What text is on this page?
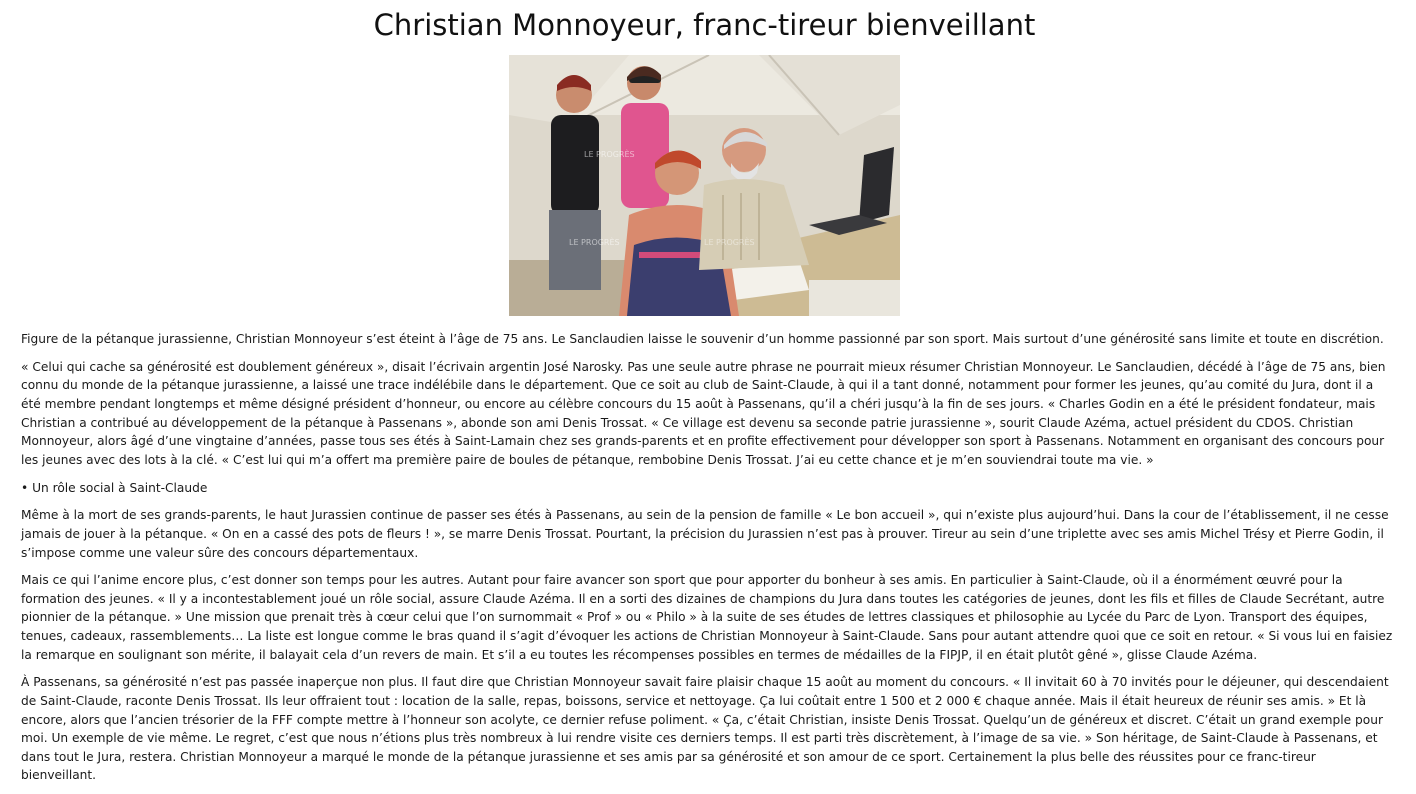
Christian Monnoyeur, franc-tireur bienveillant
LE PROGRÈS
LE PROGRÈS	LE PROGRÈS

Figure de la pétanque jurassienne, Christian Monnoyeur s’est éteint à l’âge de 75 ans. Le Sanclaudien laisse le souvenir d’un homme passionné par son sport. Mais surtout d’une générosité sans limite et toute en discrétion.

« Celui qui cache sa générosité est doublement généreux », disait l’écrivain argentin José Narosky. Pas une seule autre phrase ne pourrait mieux résumer Christian Monnoyeur. Le Sanclaudien, décédé à l’âge de 75 ans, bien connu du monde de la pétanque jurassienne, a laissé une trace indélébile dans le département. Que ce soit au club de Saint-Claude, à qui il a tant donné, notamment pour former les jeunes, qu’au comité du Jura, dont il a été membre pendant longtemps et même désigné président d’honneur, ou encore au célèbre concours du 15 août à Passenans, qu’il a chéri jusqu’à la fin de ses jours. « Charles Godin en a été le président fondateur, mais Christian a contribué au développement de la pétanque à Passenans », abonde son ami Denis Trossat. « Ce village est devenu sa seconde patrie jurassienne », sourit Claude Azéma, actuel président du CDOS. Christian Monnoyeur, alors âgé d’une vingtaine d’années, passe tous ses étés à Saint-Lamain chez ses grands-parents et en profite effectivement pour développer son sport à Passenans. Notamment en organisant des concours pour les jeunes avec des lots à la clé. « C’est lui qui m’a offert ma première paire de boules de pétanque, rembobine Denis Trossat. J’ai eu cette chance et je m’en souviendrai toute ma vie. »

• Un rôle social à Saint-Claude

Même à la mort de ses grands-parents, le haut Jurassien continue de passer ses étés à Passenans, au sein de la pension de famille « Le bon accueil », qui n’existe plus aujourd’hui. Dans la cour de l’établissement, il ne cesse jamais de jouer à la pétanque. « On en a cassé des pots de fleurs ! », se marre Denis Trossat. Pourtant, la précision du Jurassien n’est pas à prouver. Tireur au sein d’une triplette avec ses amis Michel Trésy et Pierre Godin, il s’impose comme une valeur sûre des concours départementaux.

Mais ce qui l’anime encore plus, c’est donner son temps pour les autres. Autant pour faire avancer son sport que pour apporter du bonheur à ses amis. En particulier à Saint-Claude, où il a énormément œuvré pour la formation des jeunes. « Il y a incontestablement joué un rôle social, assure Claude Azéma. Il en a sorti des dizaines de champions du Jura dans toutes les catégories de jeunes, dont les fils et filles de Claude Secrétant, autre pionnier de la pétanque. » Une mission que prenait très à cœur celui que l’on surnommait « Prof » ou « Philo » à la suite de ses études de lettres classiques et philosophie au Lycée du Parc de Lyon. Transport des équipes, tenues, cadeaux, rassemblements… La liste est longue comme le bras quand il s’agit d’évoquer les actions de Christian Monnoyeur à Saint-Claude. Sans pour autant attendre quoi que ce soit en retour. « Si vous lui en faisiez la remarque en soulignant son mérite, il balayait cela d’un revers de main. Et s’il a eu toutes les récompenses possibles en termes de médailles de la FIPJP, il en était plutôt gêné », glisse Claude Azéma.

À Passenans, sa générosité n’est pas passée inaperçue non plus. Il faut dire que Christian Monnoyeur savait faire plaisir chaque 15 août au moment du concours. « Il invitait 60 à 70 invités pour le déjeuner, qui descendaient de Saint-Claude, raconte Denis Trossat. Ils leur offraient tout : location de la salle, repas, boissons, service et nettoyage. Ça lui coûtait entre 1 500 et 2 000 € chaque année. Mais il était heureux de réunir ses amis. » Et là encore, alors que l’ancien trésorier de la FFF compte mettre à l’honneur son acolyte, ce dernier refuse poliment. « Ça, c’était Christian, insiste Denis Trossat. Quelqu’un de généreux et discret. C’était un grand exemple pour moi. Un exemple de vie même. Le regret, c’est que nous n’étions plus très nombreux à lui rendre visite ces derniers temps. Il est parti très discrètement, à l’image de sa vie. » Son héritage, de Saint-Claude à Passenans, et dans tout le Jura, restera. Christian Monnoyeur a marqué le monde de la pétanque jurassienne et ses amis par sa générosité et son amour de ce sport. Certainement la plus belle des réussites pour ce franc-tireur bienveillant.
